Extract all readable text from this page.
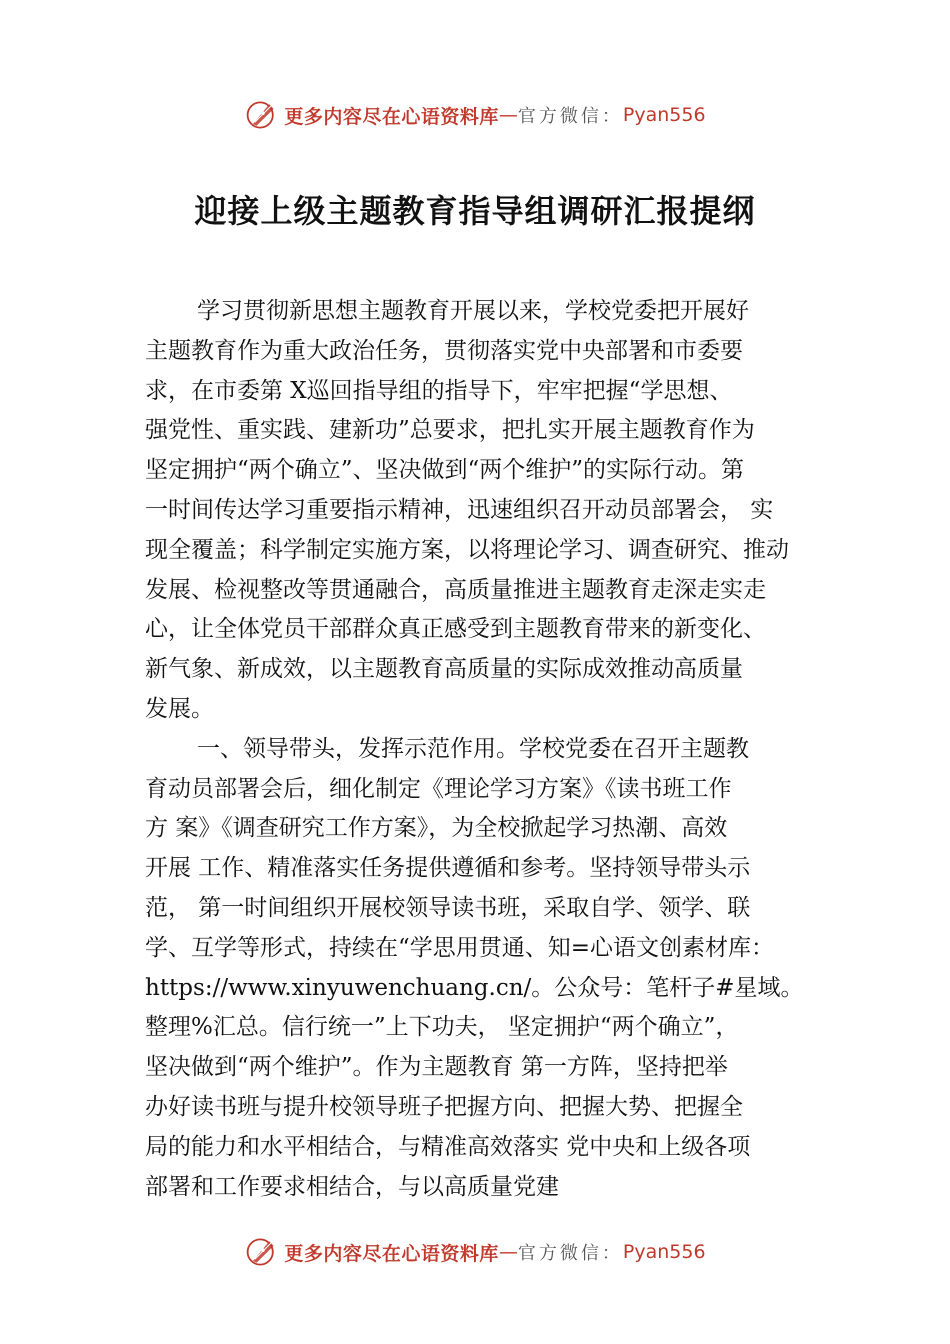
更多内容尽在心语资料库 — 官方微信： Pyan556
迎接上级主题教育指导组调研汇报提纲
学习贯彻新思想主题教育开展以来，学校党委把开展好
主题教育作为重大政治任务，贯彻落实党中央部署和市委要
求，在市委第 X巡回指导组的指导下，牢牢把握“学思想、
强党性、重实践、建新功”总要求，把扎实开展主题教育作为
坚定拥护“两个确立”、坚决做到“两个维护”的实际行动。第
一时间传达学习重要指示精神，迅速组织召开动员部署会， 实
现全覆盖；科学制定实施方案，以将理论学习、调查研究、推动
发展、检视整改等贯通融合，高质量推进主题教育走深走实走
心，让全体党员干部群众真正感受到主题教育带来的新变化、
新气象、新成效，以主题教育高质量的实际成效推动高质量
发展。
一、领导带头，发挥示范作用。学校党委在召开主题教
育动员部署会后，细化制定《理论学习方案》《读书班工作
方 案》《调查研究工作方案》，为全校掀起学习热潮、高效
开展 工作、精准落实任务提供遵循和参考。坚持领导带头示
范， 第一时间组织开展校领导读书班，采取自学、领学、联
学、互学等形式，持续在“学思用贯通、知=心语文创素材库：
https://www.xinyuwenchuang.cn/。公众号：笔杆子#星域。
整理%汇总。信行统一”上下功夫， 坚定拥护“两个确立”，
坚决做到“两个维护”。作为主题教育 第一方阵，坚持把举
办好读书班与提升校领导班子把握方向、把握大势、把握全
局的能力和水平相结合，与精准高效落实 党中央和上级各项
部署和工作要求相结合，与以高质量党建
更多内容尽在心语资料库 — 官方微信： Pyan556
